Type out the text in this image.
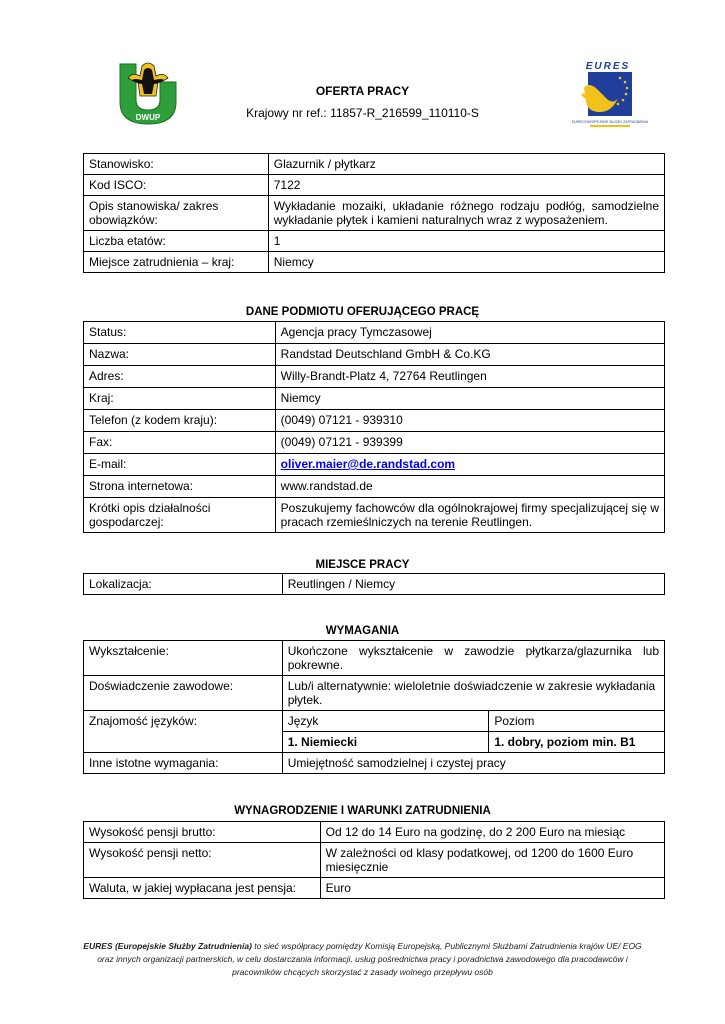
DWUP
EURES
EURES EUROPEJSKIE SŁUŻBY ZATRUDNIENIA
OFERTA PRACY
Krajowy nr ref.: 11857-R_216599_110110-S
Stanowisko:	Glazurnik / płytkarz
Kod ISCO:	7122
Opis stanowiska/ zakres obowiązków:	Wykładanie mozaiki, układanie różnego rodzaju podłóg, samodzielne wykładanie płytek i kamieni naturalnych wraz z wyposażeniem.
Liczba etatów:	1
Miejsce zatrudnienia – kraj:	Niemcy
DANE PODMIOTU OFERUJĄCEGO PRACĘ
Status:	Agencja pracy Tymczasowej
Nazwa:	Randstad Deutschland GmbH & Co.KG
Adres:	Willy-Brandt-Platz 4, 72764 Reutlingen
Kraj:	Niemcy
Telefon (z kodem kraju):	(0049) 07121 - 939310
Fax:	(0049) 07121 - 939399
E-mail:	oliver.maier@de.randstad.com
Strona internetowa:	www.randstad.de
Krótki opis działalności gospodarczej:	Poszukujemy fachowców dla ogólnokrajowej firmy specjalizującej się w pracach rzemieślniczych na terenie Reutlingen.
MIEJSCE PRACY
Lokalizacja:	Reutlingen / Niemcy
WYMAGANIA
Wykształcenie:	Ukończone wykształcenie w zawodzie płytkarza/glazurnika lub pokrewne.	
Doświadczenie zawodowe:	Lub/i alternatywnie: wieloletnie doświadczenie w zakresie wykładania płytek.	
Znajomość języków:	Język	Poziom
	1. Niemiecki	1. dobry, poziom min. B1
Inne istotne wymagania:	Umiejętność samodzielnej i czystej pracy	
WYNAGRODZENIE I WARUNKI ZATRUDNIENIA
Wysokość pensji brutto:	Od 12 do 14 Euro na godzinę, do 2 200 Euro na miesiąc
Wysokość pensji netto:	W zależności od klasy podatkowej, od 1200 do 1600 Euro miesięcznie
Waluta, w jakiej wypłacana jest pensja:	Euro
EURES (Europejskie Służby Zatrudnienia) to sieć współpracy pomiędzy Komisją Europejską, Publicznymi Służbami Zatrudnienia krajów UE/ EOG oraz innych organizacji partnerskich, w celu dostarczania informacji, usług pośrednictwa pracy i poradnictwa zawodowego dla pracodawców i pracowników chcących skorzystać z zasady wolnego przepływu osób
